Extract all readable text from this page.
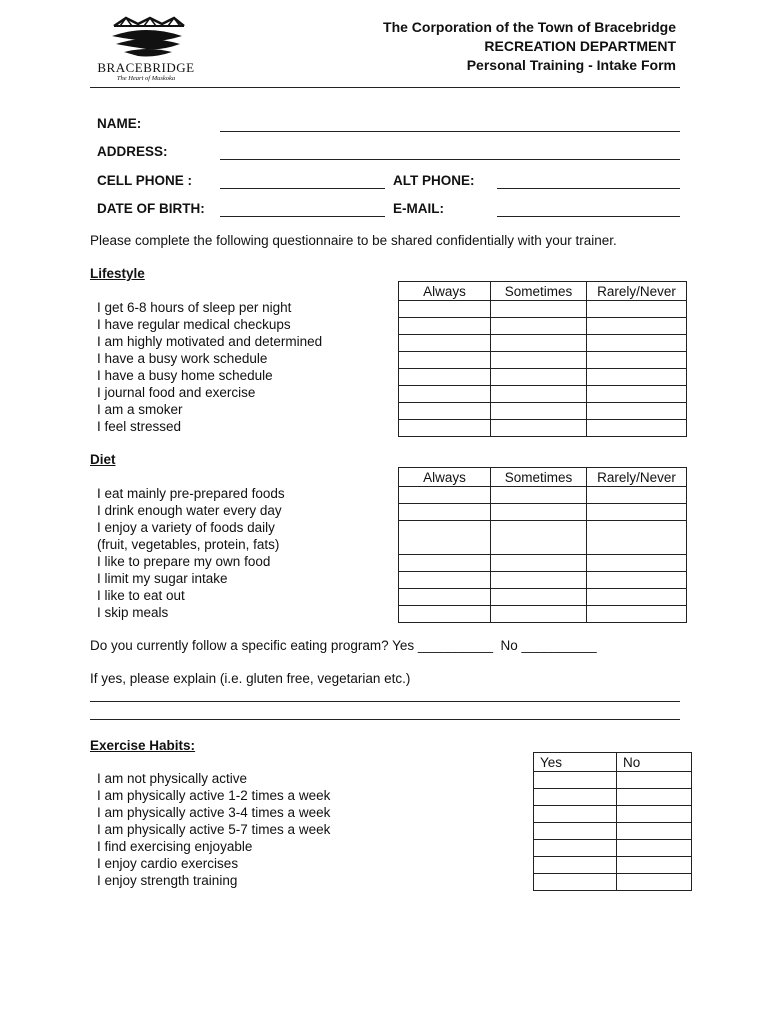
BRACEBRIDGE
The Heart of Muskoka
The Corporation of the Town of Bracebridge
RECREATION DEPARTMENT
Personal Training - Intake Form
NAME:
ADDRESS:
CELL PHONE :	ALT PHONE:
DATE OF BIRTH:	E-MAIL:
Please complete the following questionnaire to be shared confidentially with your trainer.
Lifestyle
Always	Sometimes	Rarely/Never

I get 6-8 hours of sleep per night
I have regular medical checkups
I am highly motivated and determined
I have a busy work schedule
I have a busy home schedule
I journal food and exercise
I am a smoker
I feel stressed
Diet
Always	Sometimes	Rarely/Never

I eat mainly pre-prepared foods
I drink enough water every day
I enjoy a variety of foods daily
(fruit, vegetables, protein, fats)
I like to prepare my own food
I limit my sugar intake
I like to eat out
I skip meals
Do you currently follow a specific eating program? Yes __________  No __________
If yes, please explain (i.e. gluten free, vegetarian etc.)
Exercise Habits:
Yes	No

I am not physically active
I am physically active 1-2 times a week
I am physically active 3-4 times a week
I am physically active 5-7 times a week
I find exercising enjoyable
I enjoy cardio exercises
I enjoy strength training
